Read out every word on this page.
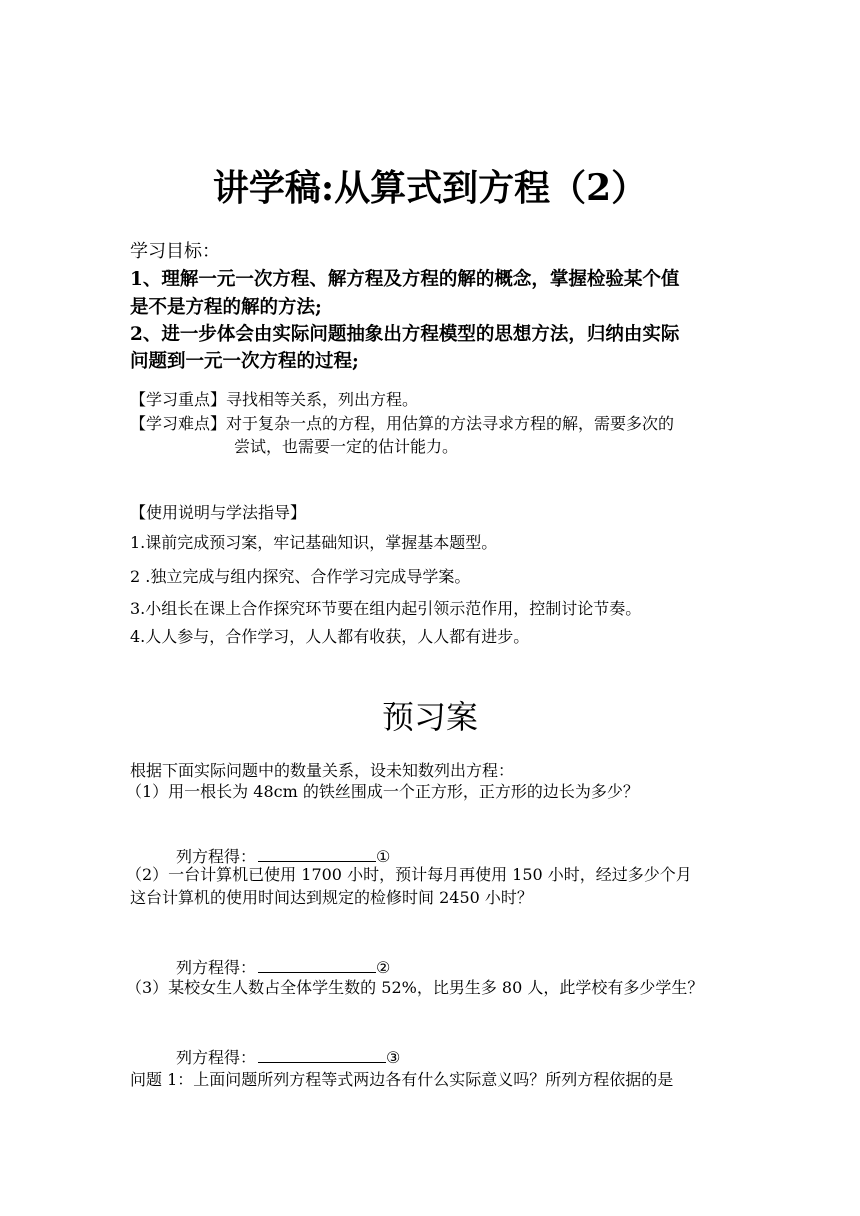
讲学稿:从算式到方程（2）
学习目标：
1、理解一元一次方程、解方程及方程的解的概念，掌握检验某个值
是不是方程的解的方法;
2、进一步体会由实际问题抽象出方程模型的思想方法，归纳由实际
问题到一元一次方程的过程;
【学习重点】寻找相等关系，列出方程。
【学习难点】对于复杂一点的方程，用估算的方法寻求方程的解，需要多次的
尝试，也需要一定的估计能力。
【使用说明与学法指导】
1.课前完成预习案，牢记基础知识，掌握基本题型。
2 .独立完成与组内探究、合作学习完成导学案。
3.小组长在课上合作探究环节要在组内起引领示范作用，控制讨论节奏。
4.人人参与，合作学习，人人都有收获，人人都有进步。
预习案
根据下面实际问题中的数量关系，设未知数列出方程：
（1）用一根长为 48cm 的铁丝围成一个正方形，正方形的边长为多少？
列方程得：	①
（2）一台计算机已使用 1700 小时，预计每月再使用 150 小时，经过多少个月
这台计算机的使用时间达到规定的检修时间 2450 小时？
列方程得：	②
（3）某校女生人数占全体学生数的 52%，比男生多 80 人，此学校有多少学生？
列方程得：	③
问题 1：上面问题所列方程等式两边各有什么实际意义吗？所列方程依据的是
